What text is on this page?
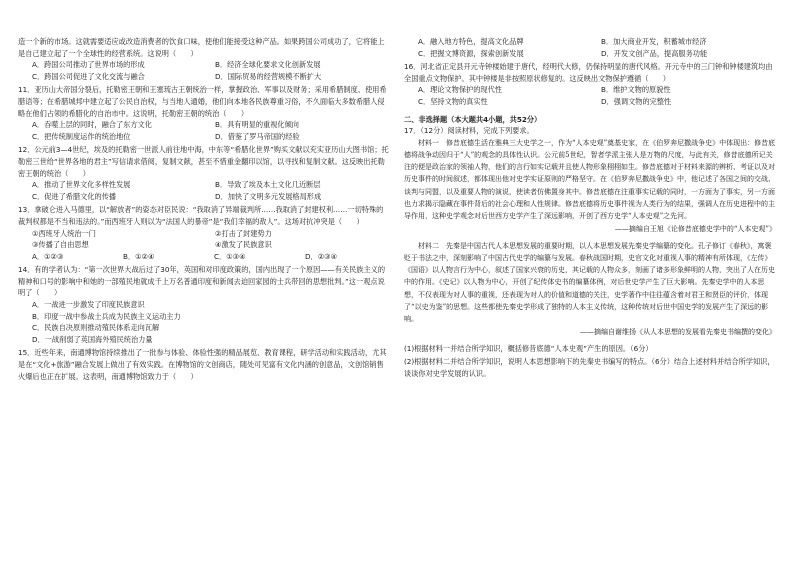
造一个新的市场。这就需要适应或改造消费者的饮食口味，使他们能接受这种产品。如果跨国公司成功了，它将能上是自己建立起了一个全球性的经营系统。这说明（　　）

A．跨国公司推动了世界市场的形成	B．经济全球化要求文化创新发展
C．跨国公司促进了文化交流与融合	D．国际贸易的经营规模不断扩大

11．亚历山大帝国分裂后，托勒密王朝和王塞琉古王朝统治一样，掌握政治、军事以及财务；采用希腊制度、使用希腊语等；在希腊城邦中建立起了公民自治权，与当地人通婚，他们向本地各民族尊重习俗，不久面临大多数希腊人侵略在他们占领的希腊化的自治市中。这说明，托勒密王朝的统治（　　）

A．吞噬上层的同时，融合了东方文化	B．具有明显的重视化倾向
C．把传统制度运作的统治地位	D．借鉴了罗马帝国的经验

12．公元前3—4世纪，埃及的托勒密一世派人前往地中海，中东等“希腊化世界”购买文献以充实亚历山大图书馆；托勒密三世给“世界各地的君主”写信请求借阅，复制文献，甚至不惜重金翻印以馆，以寻找和复制文献。这反映出托勒密王朝的统治（　　）

A．推动了世界文化多样性发展	B．导致了埃及本土文化几近断层
C．促进了希腊文化的传播	D．加快了文明多元发展格局形成

13．拿破仑进入马德里，以“解放者”的姿态对臣民说：“我取消了异端裁判所……我取消了封建权利……一切特殊的裁判权都是不当和违法的。”而西班牙人则以为“法国人的暴帝”是“我们幸福的敌人”。这场对抗冲突是（　　）

①西班牙人统治一门	②打击了封建势力
③传播了自由思想	④激发了民族意识
A．①②③	B．①②④	C．①③④	D．②③④

14．有的学者认为：“第一次世界大战后过了30年，英国和对印度政策的，国内出现了一个原因——有关民族主义的精神和口号的影响中和她的一部殖民地就成千上万名普通印度和新闻去迫回家园的士兵带回的思想批判。”这一观点说明了（　　）

A．一战进一步激发了印度民族意识
B．印度一战中参战士兵成为民族主义运动主力
C．民族自决原则推动殖民体系走向瓦解
D．一战削弱了英国海外殖民统治力量

15．近些年来，南通博物馆持续推出了一批参与体验、体验性强的精品展览、教育课程，研学活动和实践活动，尤其是在“文化+旅游”融合发展上做出了有效实践。在博物馆的文创商店，随处可见富有文化内涵的创意品，文创馆销售火爆后也正在扩展。这表明，南通博物馆致力于（　　）

A．融入地方特色，提高文化品牌	B．加大商业开发，积蓄城市经济
C．把握文博资源，探索创新发展	D．开发文创产品，提高服务功能

16．河北省正定县开元寺钟楼始建于唐代，经明代大修，仍保持明显的唐代风格。开元寺中的三门钟和钟楼建筑均由全国重点文物保护。其中钟楼是非按照原状修复的。这反映出文物保护遵循（　　）

A．理论文物保护的现代性	B．维护文物的原貌性
C．坚持文物的真实性	D．强调文物的完整性

二、非选择题（本大题共4小题，共52分）

17．（12分）阅读材料，完成下列要求。

材料一　修昔底德生活在雅典三大史学之一，作为“人本史观”奠基史家，在《伯罗奔尼撒战争史》中体现出：修昔底德将战争动因归于“人”的观念的具体性认识。公元前5世纪，智者学派主张人是万物的尺度，与此有关，修昔底德所记关注的便是政治家的领袖人物，他们的言行如实记载并且使人物形象栩栩如生。修昔底德对于材料来源的辨析、考证以及对历史事件的时间叙述，都体现出他对史学实证原则的严格坚守。在《伯罗奔尼撒战争史》中，他记述了各国之间的交战、谈判与同盟，以及重要人物的演说，使读者仿佛置身其中。修昔底德在注重事实记载的同时，一方面为了事实，另一方面也力求揭示隐藏在事件背后的社会心理和人性规律。修昔底德将历史事件视为人类行为的结果，强调人在历史进程中的主导作用，这种史学观念对后世西方史学产生了深远影响，开创了西方史学“人本史观”之先河。

——摘编自王旭《论修昔底德史学中的“人本史观”》

材料二　先秦是中国古代人本思想发展的重要时期，以人本思想发展先秦史学编纂的变化。孔子修订《春秋》，寓褒贬于书法之中，深刻影响了中国古代史学的编纂与发展。春秋战国时期，史官文化对重视人事的精神有所体现，《左传》《国语》以人物言行为中心，叙述了国家兴衰的历史，其记载的人物众多，刻画了诸多形象鲜明的人物，突出了人在历史中的作用。《史记》以人物为中心，开创了纪传体史书的编纂体例，对后世史学产生了巨大影响。先秦史学中的人本思想，不仅表现为对人事的重视，还表现为对人的价值和道德的关注，史学著作中往往蕴含着对君王和贤臣的评价，体现了“以史为鉴”的思想。这些都使先秦史学形成了独特的人本主义传统，这种传统对后世中国史学的发展产生了深远的影响。

——摘编自谢维扬《从人本思想的发展看先秦史书编撰的变化》

(1)根据材料一并结合所学知识，概括修昔底德“人本史观”产生的原因。（6分）

(2)根据材料二并结合所学知识，说明人本思想影响下的先秦史书编写的特点。（6分）结合上述材料并结合所学知识，谈谈你对史学发展的认识。
